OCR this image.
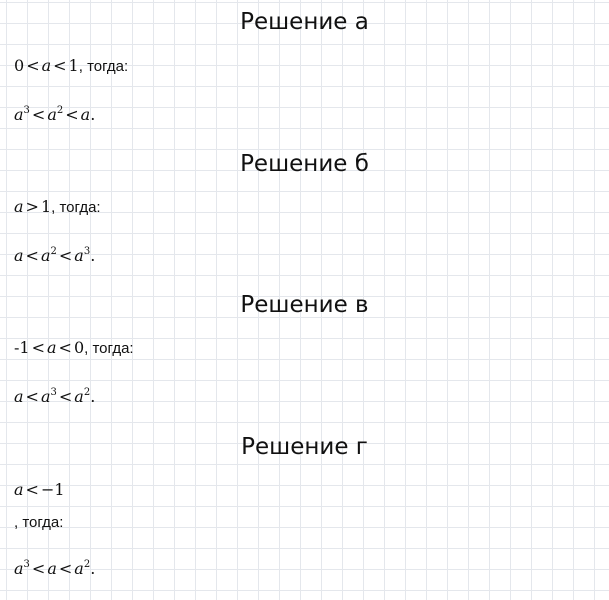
Решение а
0 < a < 1, тогда:
$a^3 < a^2 < a$.
Решение б
a > 1, тогда:
$a < a^2 < a^3$.
Решение в
-1 < a < 0, тогда:
$a < a^3 < a^2$.
Решение г
a < −1
, тогда:
$a^3 < a < a^2$.
